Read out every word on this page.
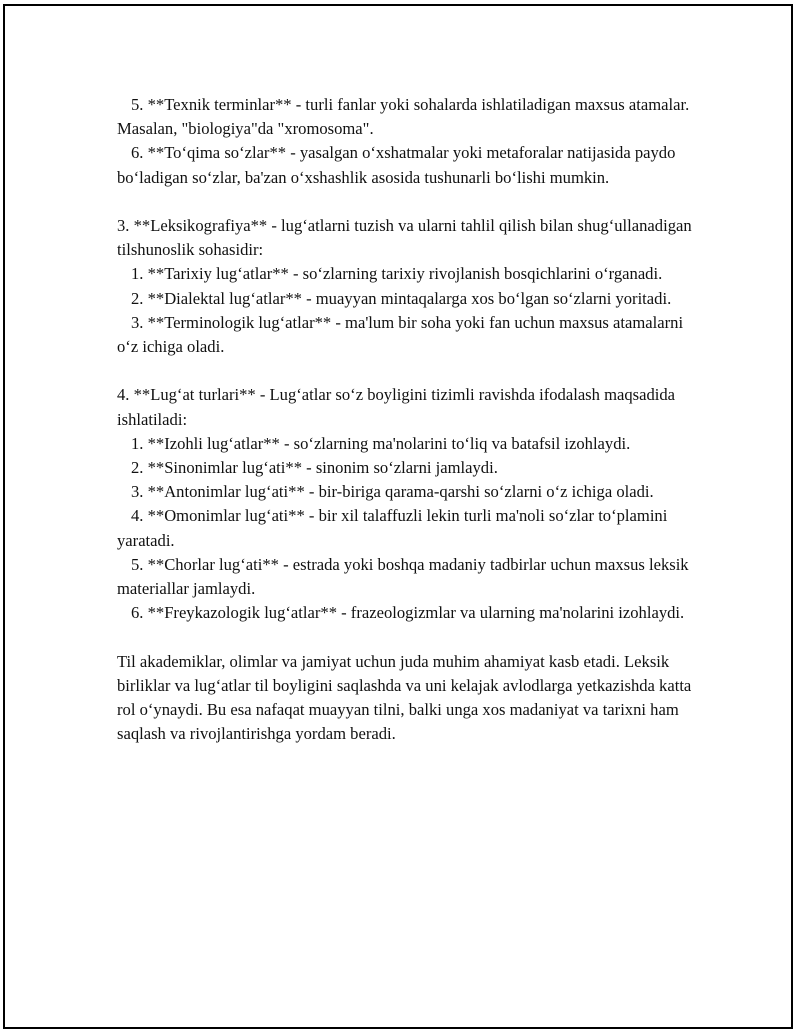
5. **Texnik terminlar** - turli fanlar yoki sohalarda ishlatiladigan maxsus atamalar. Masalan, "biologiya"da "xromosoma".

6. **To‘qima so‘zlar** - yasalgan o‘xshatmalar yoki metaforalar natijasida paydo bo‘ladigan so‘zlar, ba'zan o‘xshashlik asosida tushunarli bo‘lishi mumkin.

3. **Leksikografiya** - lug‘atlarni tuzish va ularni tahlil qilish bilan shug‘ullanadigan tilshunoslik sohasidir:

1. **Tarixiy lug‘atlar** - so‘zlarning tarixiy rivojlanish bosqichlarini o‘rganadi.

2. **Dialektal lug‘atlar** - muayyan mintaqalarga xos bo‘lgan so‘zlarni yoritadi.

3. **Terminologik lug‘atlar** - ma'lum bir soha yoki fan uchun maxsus atamalarni o‘z ichiga oladi.

4. **Lug‘at turlari** - Lug‘atlar so‘z boyligini tizimli ravishda ifodalash maqsadida ishlatiladi:

1. **Izohli lug‘atlar** - so‘zlarning ma'nolarini to‘liq va batafsil izohlaydi.

2. **Sinonimlar lug‘ati** - sinonim so‘zlarni jamlaydi.

3. **Antonimlar lug‘ati** - bir-biriga qarama-qarshi so‘zlarni o‘z ichiga oladi.

4. **Omonimlar lug‘ati** - bir xil talaffuzli lekin turli ma'noli so‘zlar to‘plamini yaratadi.

5. **Chorlar lug‘ati** - estrada yoki boshqa madaniy tadbirlar uchun maxsus leksik materiallar jamlaydi.

6. **Freykazologik lug‘atlar** - frazeologizmlar va ularning ma'nolarini izohlaydi.

Til akademiklar, olimlar va jamiyat uchun juda muhim ahamiyat kasb etadi. Leksik birliklar va lug‘atlar til boyligini saqlashda va uni kelajak avlodlarga yetkazishda katta rol o‘ynaydi. Bu esa nafaqat muayyan tilni, balki unga xos madaniyat va tarixni ham saqlash va rivojlantirishga yordam beradi.
